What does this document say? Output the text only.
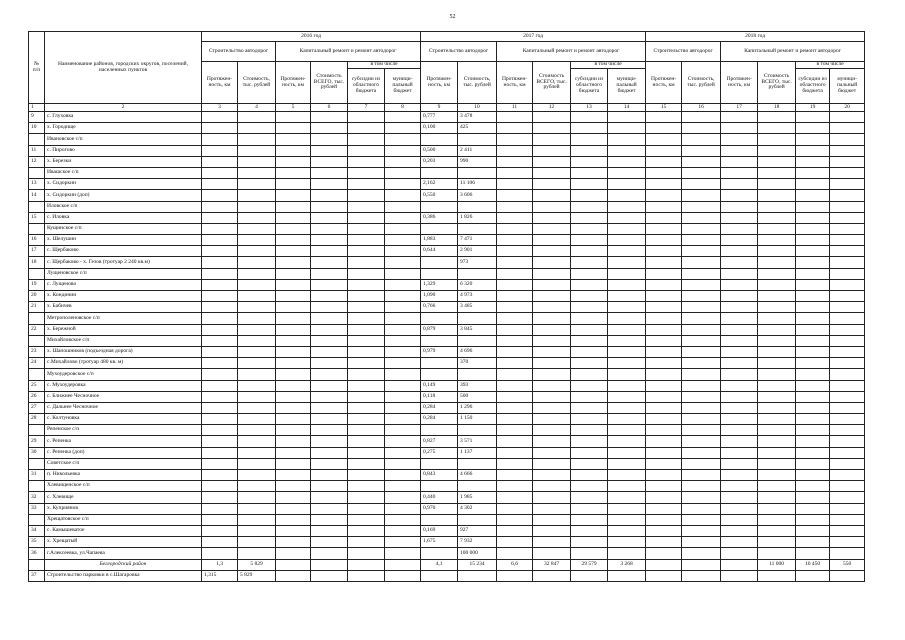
52
№ п/п	Наименование районов, городских округов, поселений, населенных пунктов	2016 год						2017 год						2018 год					
		Строительство автодорог		Капитальный ремонт и ремонт автодорог				Строительство автодорог		Капитальный ремонт и ремонт автодорог				Строительство автодорог		Капитальный ремонт и ремонт автодорог			
		Протяжен-ность, км	Стоимость, тыс. рублей	Протяжен-ность, км	Стоимость ВСЕГО, тыс. рублей	в том числе		Протяжен-ность, км	Стоимость, тыс. рублей	Протяжен-ность, км	Стоимость ВСЕГО, тыс. рублей	в том числе		Протяжен-ность, км	Стоимость, тыс. рублей	Протяжен-ность, км	Стоимость ВСЕГО, тыс. рублей	в том числе	
						субсидии из областного бюджета	муници-пальный бюджет					субсидии из областного бюджета	муници-пальный бюджет					субсидии из областного бюджета	муници-пальный бюджет
1	2	3	4	5	6	7	8	9	10	11	12	13	14	15	16	17	18	19	20
9	с. Глуховка							0,777	3 478										
10	х. Городище							0,100	425										
	Ивановское с/п																		
11	с. Пирогово							0,500	2 411										
12	х. Березки							0,203	990										
	Ивашское с/п																		
13	х. Сидоркин							2,162	11 106										
14	х. Сидоркин (доп)							0,550	3 606										
	Иловское с/п																		
15	с. Иловка							0,386	1 826										
	Кущинское с/п																		
16	х. Шелушин							1,883	7 471										
17	с. Щербаково							0,644	2 901										
18	с. Щербаково - х. Гезов (тротуар 2 240 кв.м)								973										
	Лущеновское с/п																		
19	с. Лущеново							1,329	6 320										
20	х. Кондинин							1,090	4 973										
21	х. Бабичев							0,766	3 485										
	Метрополеновское с/п																		
22	х. Бережной							0,879	3 845										
	Михайловское с/п																		
23	х. Шапошников (подъездная дорога)							0,979	4 696										
24	с.Михайлово (тротуар 480 кв. м)								370										
	Мухоудеровское с/п																		
25	с. Мухоудеровка							0,149	393										
26	с. Ближнее Чесночное							0,118	500										
27	с. Дальнее Чесночное							0,284	1 296										
28	с. Колтуновка							0,284	1 150										
	Репенское с/п																		
29	с. Репенка							0,827	3 571										
30	с. Репенка (доп)							0,275	1 137										
	Советское с/п																		
31	п. Никольевка							0,843	4 666										
	Хлевищенское с/п																		
32	с. Хлевище							0,440	1 985										
33	х. Куприянов							0,970	4 302										
	Хрещатовское с/п																		
34	с. Камышеватое							0,169	927										
35	х. Хрещатый							1,675	7 932										
36	г.Алексеевка, ул.Чапаева								100 000										
	Белгородский район	1,3	5 829					4,1	15 234	6,6	32 847	29 579	3 268				11 000	10 450	550
37	Строительство парковки в с.Шагаровка	1,315	5 829																
